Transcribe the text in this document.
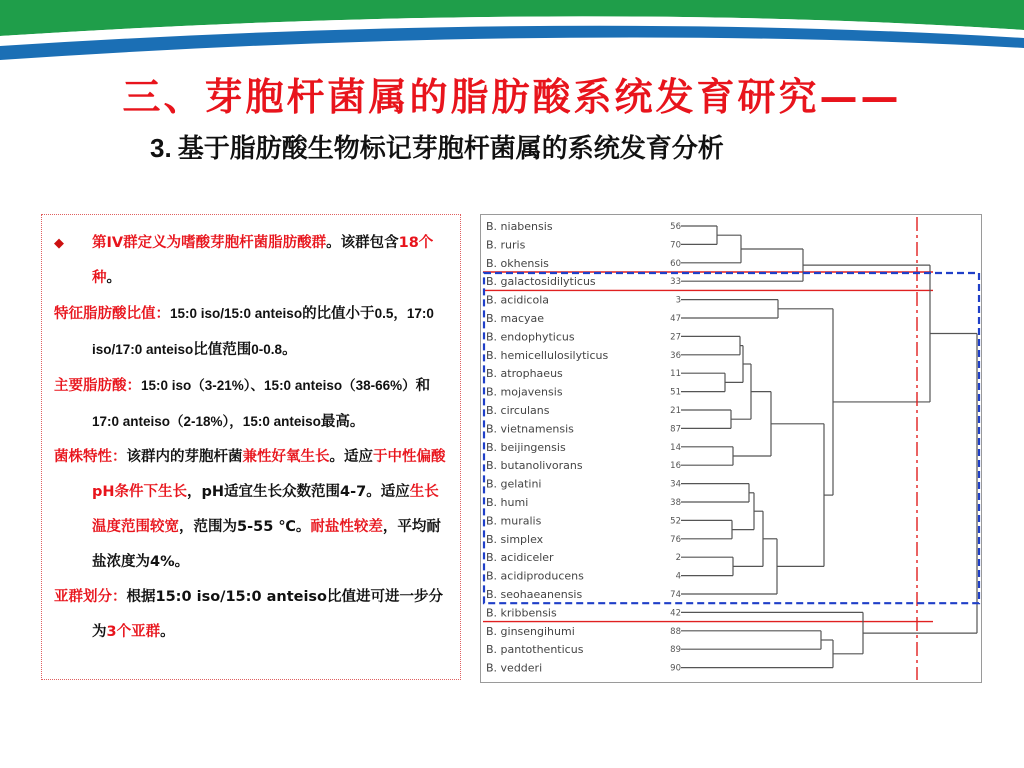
三、芽胞杆菌属的脂肪酸系统发育研究——
3. 基于脂肪酸生物标记芽胞杆菌属的系统发育分析

◆ 第IV群定义为嗜酸芽胞杆菌脂肪酸群。该群包含18个种。

特征脂肪酸比值：15:0 iso/15:0 anteiso的比值小于0.5，17:0 iso/17:0 anteiso比值范围0-0.8。

主要脂肪酸：15:0 iso（3-21%）、15:0 anteiso（38-66%）和17:0 anteiso（2-18%），15:0 anteiso最高。

菌株特性：该群内的芽胞杆菌兼性好氧生长。适应于中性偏酸pH条件下生长，pH适宜生长众数范围4-7。适应生长温度范围较宽，范围为5-55 ℃。耐盐性较差，平均耐盐浓度为4%。

亚群划分：根据15:0 iso/15:0 anteiso比值进可进一步分为3个亚群。

B. niabensis	56
B. ruris	70
B. okhensis	60
B. galactosidilyticus	33
B. acidicola	3
B. macyae	47
B. endophyticus	27
B. hemicellulosilyticus	36
B. atrophaeus	11
B. mojavensis	51
B. circulans	21
B. vietnamensis	87
B. beijingensis	14
B. butanolivorans	16
B. gelatini	34
B. humi	38
B. muralis	52
B. simplex	76
B. acidiceler	2
B. acidiproducens	4
B. seohaeanensis	74
B. kribbensis	42
B. ginsengihumi	88
B. pantothenticus	89
B. vedderi	90
